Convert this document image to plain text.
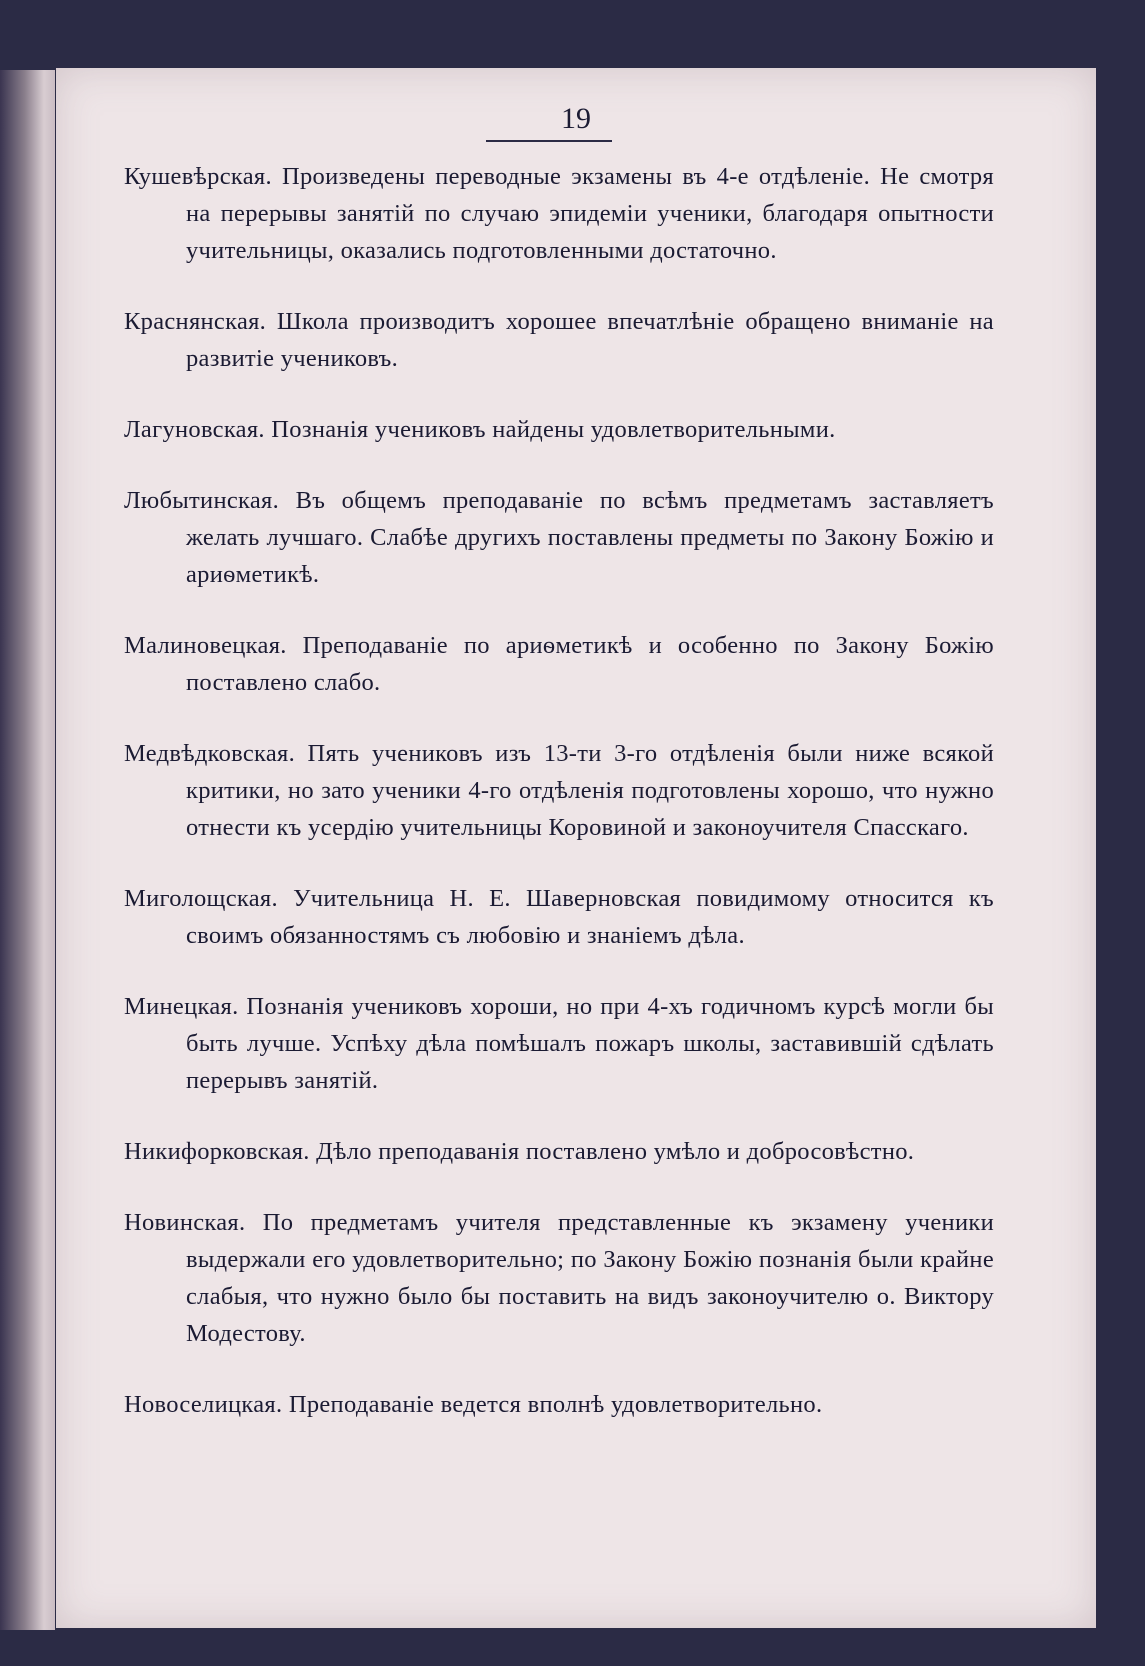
19

Кушевѣрская. Произведены переводные экзамены въ 4-е отдѣленіе. Не смотря на перерывы занятій по случаю эпидеміи ученики, благодаря опытности учительницы, оказались подготовленными достаточно.

Краснянская. Школа производитъ хорошее впечатлѣніе обращено вниманіе на развитіе учениковъ.

Лагуновская. Познанія учениковъ найдены удовлетворительными.

Любытинская. Въ общемъ преподаваніе по всѣмъ предметамъ заставляетъ желать лучшаго. Слабѣе другихъ поставлены предметы по Закону Божію и ариѳметикѣ.

Малиновецкая. Преподаваніе по ариѳметикѣ и особенно по Закону Божію поставлено слабо.

Медвѣдковская. Пять учениковъ изъ 13-ти 3-го отдѣленія были ниже всякой критики, но зато ученики 4-го отдѣленія подготовлены хорошо, что нужно отнести къ усердію учительницы Коровиной и законоучителя Спасскаго.

Миголощская. Учительница Н. Е. Шаверновская повидимому относится къ своимъ обязанностямъ съ любовію и знаніемъ дѣла.

Минецкая. Познанія учениковъ хороши, но при 4-хъ годичномъ курсѣ могли бы быть лучше. Успѣху дѣла помѣшалъ пожаръ школы, заставившій сдѣлать перерывъ занятій.

Никифорковская. Дѣло преподаванія поставлено умѣло и добросовѣстно.

Новинская. По предметамъ учителя представленные къ экзамену ученики выдержали его удовлетворительно; по Закону Божію познанія были крайне слабыя, что нужно было бы поставить на видъ законоучителю о. Виктору Модестову.

Новоселицкая. Преподаваніе ведется вполнѣ удовлетворительно.
